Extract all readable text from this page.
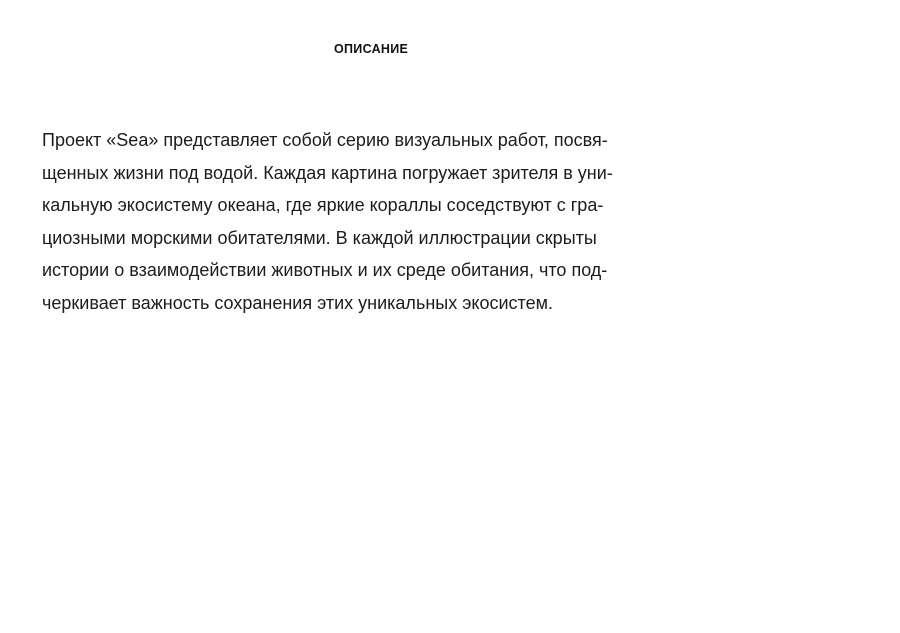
ОПИСАНИЕ

Проект «Sea» представляет собой серию визуальных работ, посвя-
щенных жизни под водой. Каждая картина погружает зрителя в уни-
кальную экосистему океана, где яркие кораллы соседствуют с гра-
циозными морскими обитателями. В каждой иллюстрации скрыты
истории о взаимодействии животных и их среде обитания, что под-
черкивает важность сохранения этих уникальных экосистем.
